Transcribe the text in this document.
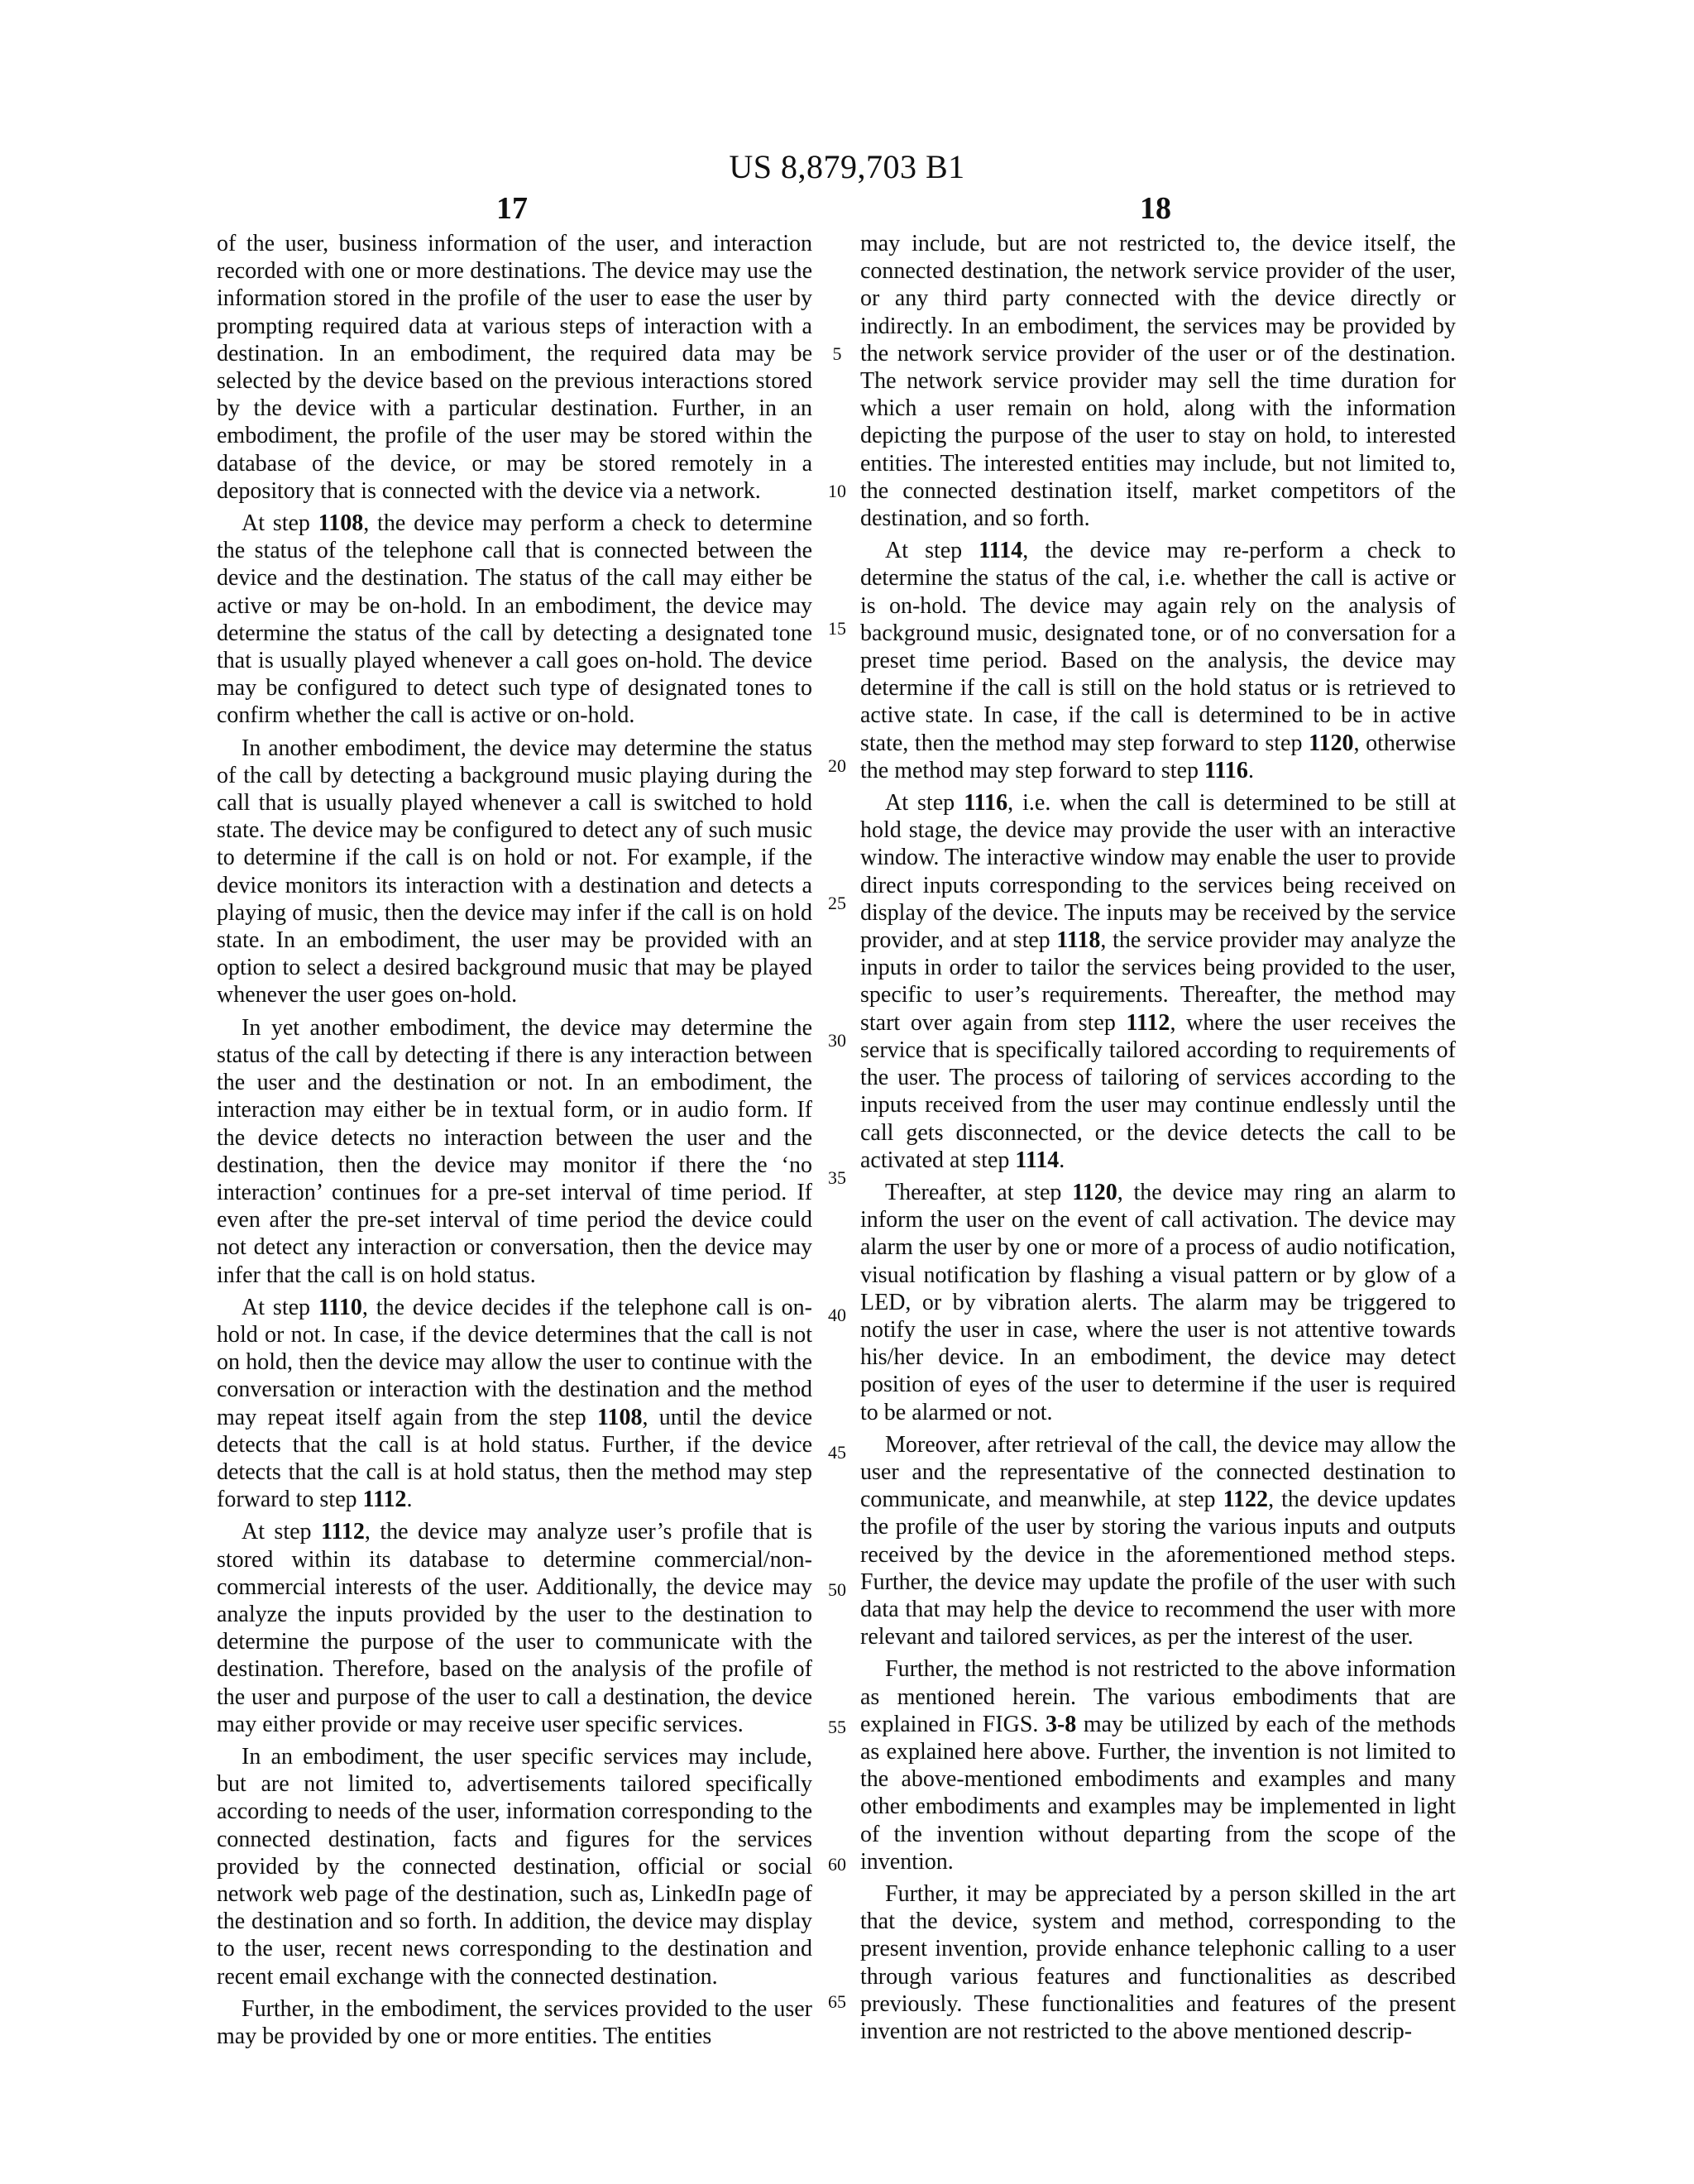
US 8,879,703 B1
17	18

of the user, business information of the user, and interaction recorded with one or more destinations. The device may use the information stored in the profile of the user to ease the user by prompting required data at various steps of interaction with a destination. In an embodiment, the required data may be selected by the device based on the previous interactions stored by the device with a particular destination. Further, in an embodiment, the profile of the user may be stored within the database of the device, or may be stored remotely in a depository that is connected with the device via a network.

At step 1108, the device may perform a check to determine the status of the telephone call that is connected between the device and the destination. The status of the call may either be active or may be on-hold. In an embodiment, the device may determine the status of the call by detecting a designated tone that is usually played whenever a call goes on-hold. The device may be configured to detect such type of designated tones to confirm whether the call is active or on-hold.

In another embodiment, the device may determine the status of the call by detecting a background music playing during the call that is usually played whenever a call is switched to hold state. The device may be configured to detect any of such music to determine if the call is on hold or not. For example, if the device monitors its interaction with a destination and detects a playing of music, then the device may infer if the call is on hold state. In an embodiment, the user may be provided with an option to select a desired background music that may be played whenever the user goes on-hold.

In yet another embodiment, the device may determine the status of the call by detecting if there is any interaction between the user and the destination or not. In an embodiment, the interaction may either be in textual form, or in audio form. If the device detects no interaction between the user and the destination, then the device may monitor if there the ‘no interaction’ continues for a pre-set interval of time period. If even after the pre-set interval of time period the device could not detect any interaction or conversation, then the device may infer that the call is on hold status.

At step 1110, the device decides if the telephone call is on-hold or not. In case, if the device determines that the call is not on hold, then the device may allow the user to continue with the conversation or interaction with the destination and the method may repeat itself again from the step 1108, until the device detects that the call is at hold status. Further, if the device detects that the call is at hold status, then the method may step forward to step 1112.

At step 1112, the device may analyze user’s profile that is stored within its database to determine commercial/non-commercial interests of the user. Additionally, the device may analyze the inputs provided by the user to the destination to determine the purpose of the user to communicate with the destination. Therefore, based on the analysis of the profile of the user and purpose of the user to call a destination, the device may either provide or may receive user specific services.

In an embodiment, the user specific services may include, but are not limited to, advertisements tailored specifically according to needs of the user, information corresponding to the connected destination, facts and figures for the services provided by the connected destination, official or social network web page of the destination, such as, LinkedIn page of the destination and so forth. In addition, the device may display to the user, recent news corresponding to the destination and recent email exchange with the connected destination.

Further, in the embodiment, the services provided to the user may be provided by one or more entities. The entities

may include, but are not restricted to, the device itself, the connected destination, the network service provider of the user, or any third party connected with the device directly or indirectly. In an embodiment, the services may be provided by the network service provider of the user or of the destination. The network service provider may sell the time duration for which a user remain on hold, along with the information depicting the purpose of the user to stay on hold, to interested entities. The interested entities may include, but not limited to, the connected destination itself, market competitors of the destination, and so forth.

At step 1114, the device may re-perform a check to determine the status of the cal, i.e. whether the call is active or is on-hold. The device may again rely on the analysis of background music, designated tone, or of no conversation for a preset time period. Based on the analysis, the device may determine if the call is still on the hold status or is retrieved to active state. In case, if the call is determined to be in active state, then the method may step forward to step 1120, otherwise the method may step forward to step 1116.

At step 1116, i.e. when the call is determined to be still at hold stage, the device may provide the user with an interactive window. The interactive window may enable the user to provide direct inputs corresponding to the services being received on display of the device. The inputs may be received by the service provider, and at step 1118, the service provider may analyze the inputs in order to tailor the services being provided to the user, specific to user’s requirements. Thereafter, the method may start over again from step 1112, where the user receives the service that is specifically tailored according to requirements of the user. The process of tailoring of services according to the inputs received from the user may continue endlessly until the call gets disconnected, or the device detects the call to be activated at step 1114.

Thereafter, at step 1120, the device may ring an alarm to inform the user on the event of call activation. The device may alarm the user by one or more of a process of audio notification, visual notification by flashing a visual pattern or by glow of a LED, or by vibration alerts. The alarm may be triggered to notify the user in case, where the user is not attentive towards his/her device. In an embodiment, the device may detect position of eyes of the user to determine if the user is required to be alarmed or not.

Moreover, after retrieval of the call, the device may allow the user and the representative of the connected destination to communicate, and meanwhile, at step 1122, the device updates the profile of the user by storing the various inputs and outputs received by the device in the aforementioned method steps. Further, the device may update the profile of the user with such data that may help the device to recommend the user with more relevant and tailored services, as per the interest of the user.

Further, the method is not restricted to the above information as mentioned herein. The various embodiments that are explained in FIGS. 3-8 may be utilized by each of the methods as explained here above. Further, the invention is not limited to the above-mentioned embodiments and examples and many other embodiments and examples may be implemented in light of the invention without departing from the scope of the invention.

Further, it may be appreciated by a person skilled in the art that the device, system and method, corresponding to the present invention, provide enhance telephonic calling to a user through various features and functionalities as described previously. These functionalities and features of the present invention are not restricted to the above mentioned descrip-

5
10
15
20
25
30
35
40
45
50
55
60
65
